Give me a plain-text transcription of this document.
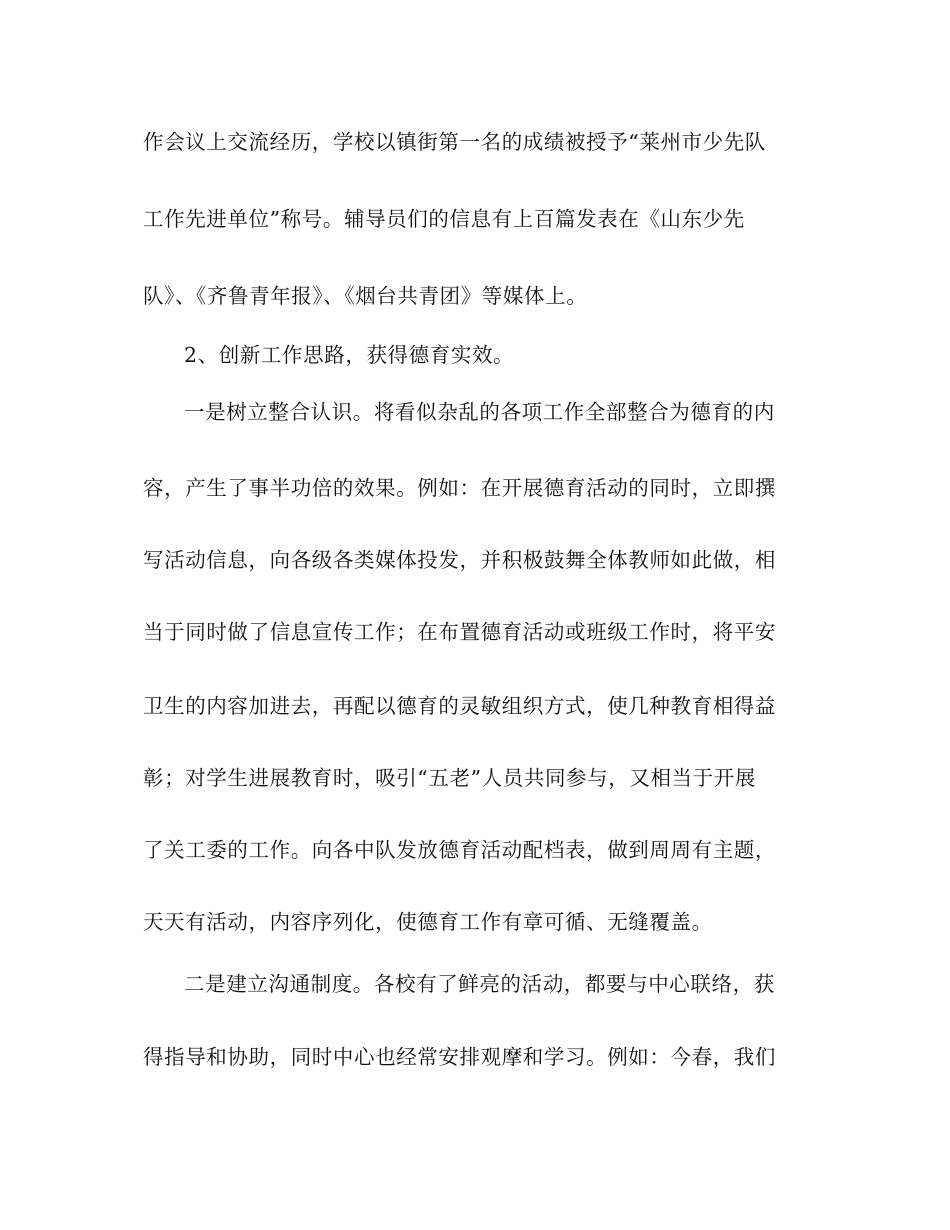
作会议上交流经历，学校以镇街第一名的成绩被授予“莱州市少先队
工作先进单位”称号。辅导员们的信息有上百篇发表在《山东少先
队》、《齐鲁青年报》、《烟台共青团》等媒体上。
2、创新工作思路，获得德育实效。
一是树立整合认识。将看似杂乱的各项工作全部整合为德育的内
容，产生了事半功倍的效果。例如：在开展德育活动的同时，立即撰
写活动信息，向各级各类媒体投发，并积极鼓舞全体教师如此做，相
当于同时做了信息宣传工作；在布置德育活动或班级工作时，将平安
卫生的内容加进去，再配以德育的灵敏组织方式，使几种教育相得益
彰；对学生进展教育时，吸引“五老”人员共同参与，又相当于开展
了关工委的工作。向各中队发放德育活动配档表，做到周周有主题，
天天有活动，内容序列化，使德育工作有章可循、无缝覆盖。
二是建立沟通制度。各校有了鲜亮的活动，都要与中心联络，获
得指导和协助，同时中心也经常安排观摩和学习。例如：今春，我们
